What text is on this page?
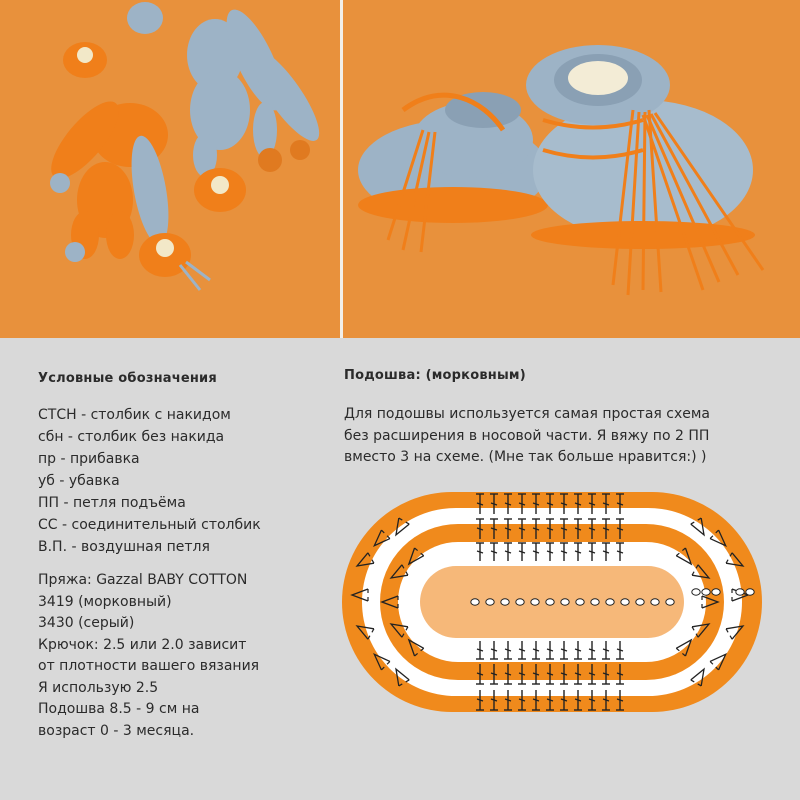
Условные обозначения
СТСН - столбик с накидом
сбн - столбик без накида
пр - прибавка
уб - убавка
ПП - петля подъёма
СС - соединительный столбик
В.П. - воздушная петля
Пряжа: Gazzal BABY COTTON
3419 (морковный)
3430 (серый)
Крючок: 2.5 или 2.0 зависит
от плотности вашего вязания
Я использую 2.5
Подошва 8.5 - 9 см на
возраст 0 - 3 месяца.
Подошва: (морковным)
Для подошвы используется самая простая схема
без расширения в носовой части. Я вяжу по 2 ПП
вместо 3 на схеме. (Мне так больше нравится:) )
